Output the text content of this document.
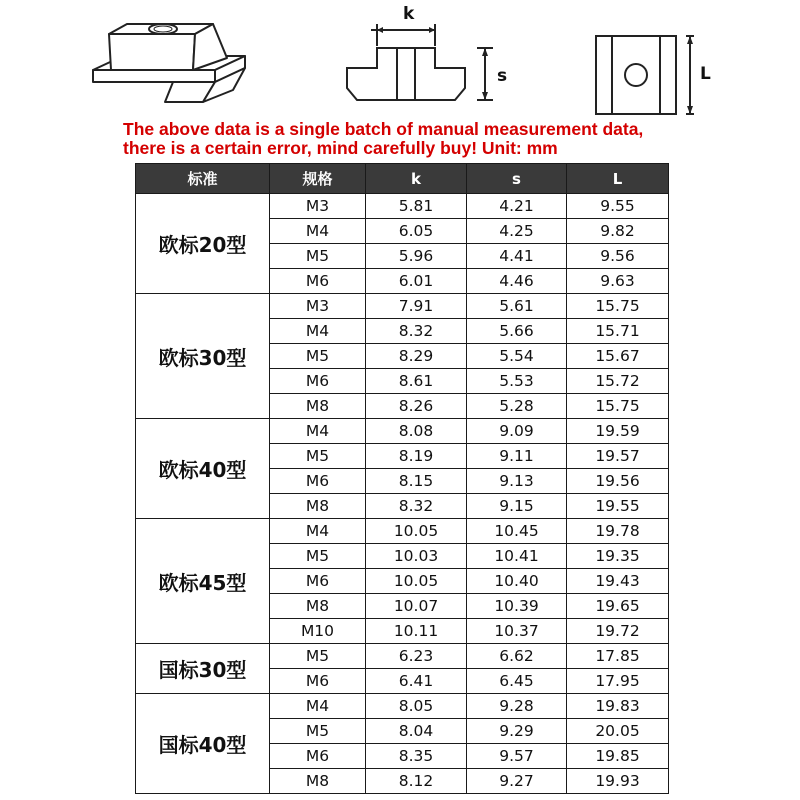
k
s	L
The above data is a single batch of manual measurement data,
there is a certain error, mind carefully buy! Unit: mm
标准	规格	k	s	L
欧标20型	M3	5.81	4.21	9.55
	M4	6.05	4.25	9.82
	M5	5.96	4.41	9.56
	M6	6.01	4.46	9.63
欧标30型	M3	7.91	5.61	15.75
	M4	8.32	5.66	15.71
	M5	8.29	5.54	15.67
	M6	8.61	5.53	15.72
	M8	8.26	5.28	15.75
欧标40型	M4	8.08	9.09	19.59
	M5	8.19	9.11	19.57
	M6	8.15	9.13	19.56
	M8	8.32	9.15	19.55
欧标45型	M4	10.05	10.45	19.78
	M5	10.03	10.41	19.35
	M6	10.05	10.40	19.43
	M8	10.07	10.39	19.65
	M10	10.11	10.37	19.72
国标30型	M5	6.23	6.62	17.85
	M6	6.41	6.45	17.95
国标40型	M4	8.05	9.28	19.83
	M5	8.04	9.29	20.05
	M6	8.35	9.57	19.85
	M8	8.12	9.27	19.93
